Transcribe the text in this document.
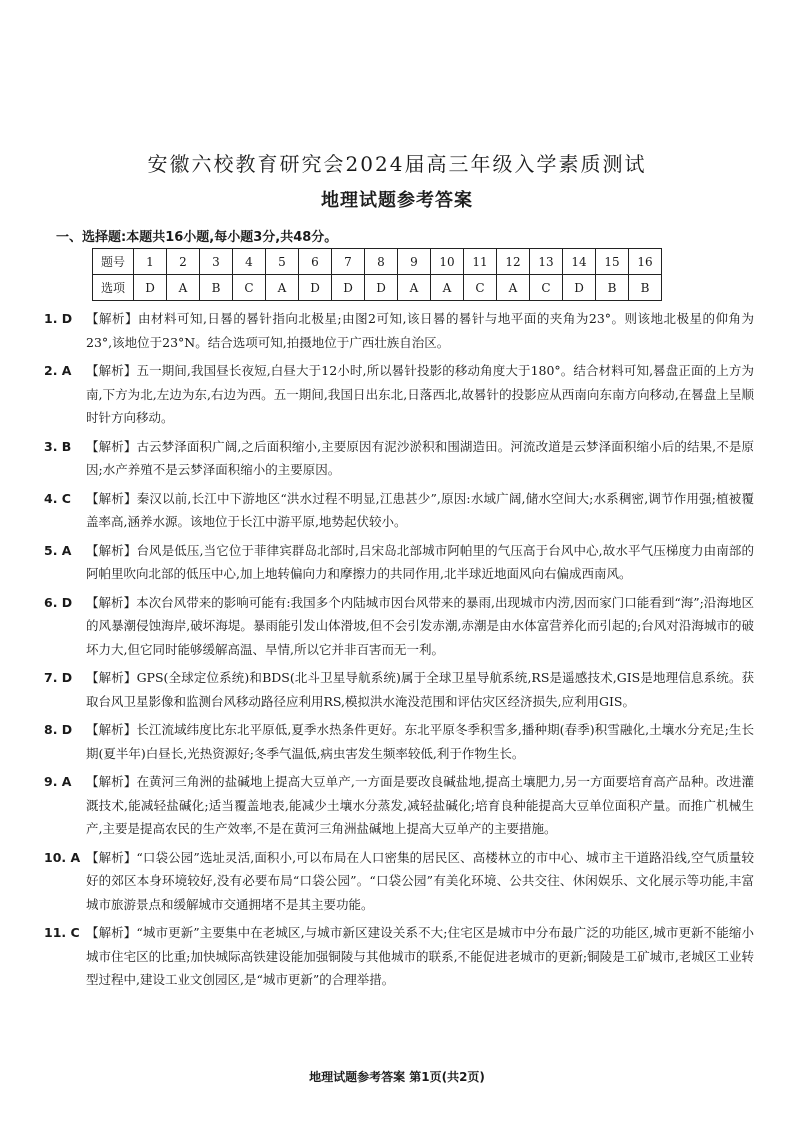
安徽六校教育研究会2024届高三年级入学素质测试
地理试题参考答案
一、选择题:本题共16小题,每小题3分,共48分。
题号	1	2	3	4	5	6	7	8	9	10	11	12	13	14	15	16
选项	D	A	B	C	A	D	D	D	A	A	C	A	C	D	B	B
1. D 【解析】由材料可知,日晷的晷针指向北极星;由图2可知,该日晷的晷针与地平面的夹角为23°。则该地北极星的仰角为23°,该地位于23°N。结合选项可知,拍摄地位于广西壮族自治区。
2. A 【解析】五一期间,我国昼长夜短,白昼大于12小时,所以晷针投影的移动角度大于180°。结合材料可知,晷盘正面的上方为南,下方为北,左边为东,右边为西。五一期间,我国日出东北,日落西北,故晷针的投影应从西南向东南方向移动,在晷盘上呈顺时针方向移动。
3. B 【解析】古云梦泽面积广阔,之后面积缩小,主要原因有泥沙淤积和围湖造田。河流改道是云梦泽面积缩小后的结果,不是原因;水产养殖不是云梦泽面积缩小的主要原因。
4. C 【解析】秦汉以前,长江中下游地区“洪水过程不明显,江患甚少”,原因:水域广阔,储水空间大;水系稠密,调节作用强;植被覆盖率高,涵养水源。该地位于长江中游平原,地势起伏较小。
5. A 【解析】台风是低压,当它位于菲律宾群岛北部时,吕宋岛北部城市阿帕里的气压高于台风中心,故水平气压梯度力由南部的阿帕里吹向北部的低压中心,加上地转偏向力和摩擦力的共同作用,北半球近地面风向右偏成西南风。
6. D 【解析】本次台风带来的影响可能有:我国多个内陆城市因台风带来的暴雨,出现城市内涝,因而家门口能看到“海”;沿海地区的风暴潮侵蚀海岸,破坏海堤。暴雨能引发山体滑坡,但不会引发赤潮,赤潮是由水体富营养化而引起的;台风对沿海城市的破坏力大,但它同时能够缓解高温、旱情,所以它并非百害而无一利。
7. D 【解析】GPS(全球定位系统)和BDS(北斗卫星导航系统)属于全球卫星导航系统,RS是遥感技术,GIS是地理信息系统。获取台风卫星影像和监测台风移动路径应利用RS,模拟洪水淹没范围和评估灾区经济损失,应利用GIS。
8. D 【解析】长江流域纬度比东北平原低,夏季水热条件更好。东北平原冬季积雪多,播种期(春季)积雪融化,土壤水分充足;生长期(夏半年)白昼长,光热资源好;冬季气温低,病虫害发生频率较低,利于作物生长。
9. A 【解析】在黄河三角洲的盐碱地上提高大豆单产,一方面是要改良碱盐地,提高土壤肥力,另一方面要培育高产品种。改进灌溉技术,能减轻盐碱化;适当覆盖地表,能减少土壤水分蒸发,减轻盐碱化;培育良种能提高大豆单位面积产量。而推广机械生产,主要是提高农民的生产效率,不是在黄河三角洲盐碱地上提高大豆单产的主要措施。
10. A 【解析】“口袋公园”选址灵活,面积小,可以布局在人口密集的居民区、高楼林立的市中心、城市主干道路沿线,空气质量较好的郊区本身环境较好,没有必要布局“口袋公园”。“口袋公园”有美化环境、公共交往、休闲娱乐、文化展示等功能,丰富城市旅游景点和缓解城市交通拥堵不是其主要功能。
11. C 【解析】“城市更新”主要集中在老城区,与城市新区建设关系不大;住宅区是城市中分布最广泛的功能区,城市更新不能缩小城市住宅区的比重;加快城际高铁建设能加强铜陵与其他城市的联系,不能促进老城市的更新;铜陵是工矿城市,老城区工业转型过程中,建设工业文创园区,是“城市更新”的合理举措。
地理试题参考答案 第1页(共2页)
